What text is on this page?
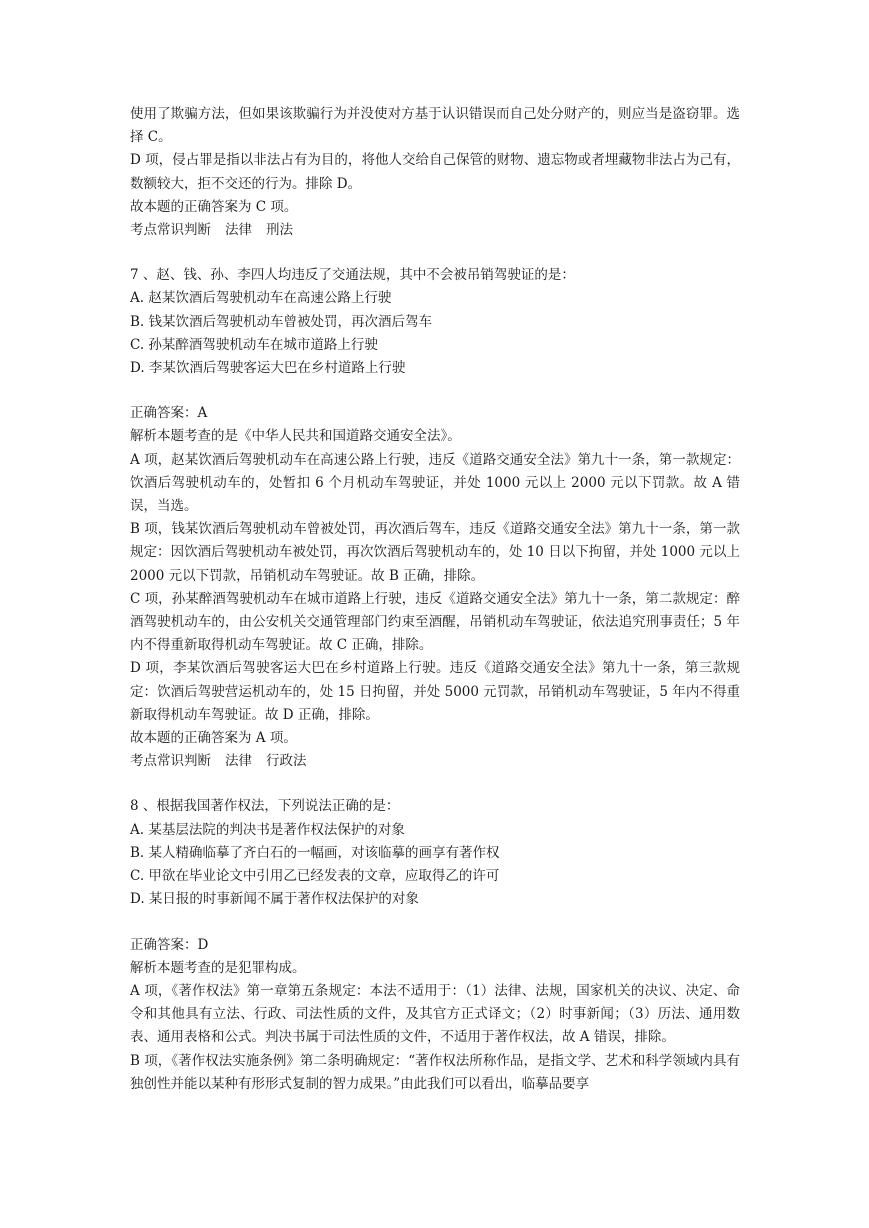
使用了欺骗方法，但如果该欺骗行为并没使对方基于认识错误而自己处分财产的，则应当是盗窃罪。选择 C。

D 项，侵占罪是指以非法占有为目的，将他人交给自己保管的财物、遗忘物或者埋藏物非法占为己有，数额较大，拒不交还的行为。排除 D。

故本题的正确答案为 C 项。

考点常识判断 法律 刑法

7 、赵、钱、孙、李四人均违反了交通法规，其中不会被吊销驾驶证的是：

A. 赵某饮酒后驾驶机动车在高速公路上行驶

B. 钱某饮酒后驾驶机动车曾被处罚，再次酒后驾车

C. 孙某醉酒驾驶机动车在城市道路上行驶

D. 李某饮酒后驾驶客运大巴在乡村道路上行驶

正确答案：A

解析本题考查的是《中华人民共和国道路交通安全法》。

A 项，赵某饮酒后驾驶机动车在高速公路上行驶，违反《道路交通安全法》第九十一条，第一款规定：饮酒后驾驶机动车的，处暂扣 6 个月机动车驾驶证，并处 1000 元以上 2000 元以下罚款。故 A 错误，当选。

B 项，钱某饮酒后驾驶机动车曾被处罚，再次酒后驾车，违反《道路交通安全法》第九十一条，第一款规定：因饮酒后驾驶机动车被处罚，再次饮酒后驾驶机动车的，处 10 日以下拘留，并处 1000 元以上 2000 元以下罚款，吊销机动车驾驶证。故 B 正确，排除。

C 项，孙某醉酒驾驶机动车在城市道路上行驶，违反《道路交通安全法》第九十一条，第二款规定：醉酒驾驶机动车的，由公安机关交通管理部门约束至酒醒，吊销机动车驾驶证，依法追究刑事责任；5 年内不得重新取得机动车驾驶证。故 C 正确，排除。

D 项，李某饮酒后驾驶客运大巴在乡村道路上行驶。违反《道路交通安全法》第九十一条，第三款规定：饮酒后驾驶营运机动车的，处 15 日拘留，并处 5000 元罚款，吊销机动车驾驶证，5 年内不得重新取得机动车驾驶证。故 D 正确，排除。

故本题的正确答案为 A 项。

考点常识判断 法律 行政法

8 、根据我国著作权法，下列说法正确的是：

A. 某基层法院的判决书是著作权法保护的对象

B. 某人精确临摹了齐白石的一幅画，对该临摹的画享有著作权

C. 甲欲在毕业论文中引用乙已经发表的文章，应取得乙的许可

D. 某日报的时事新闻不属于著作权法保护的对象

正确答案：D

解析本题考查的是犯罪构成。

A 项，《著作权法》第一章第五条规定：本法不适用于：（1）法律、法规，国家机关的决议、决定、命令和其他具有立法、行政、司法性质的文件，及其官方正式译文；（2）时事新闻；（3）历法、通用数表、通用表格和公式。判决书属于司法性质的文件，不适用于著作权法，故 A 错误，排除。

B 项，《著作权法实施条例》第二条明确规定：“著作权法所称作品，是指文学、艺术和科学领域内具有独创性并能以某种有形形式复制的智力成果。”由此我们可以看出，临摹品要享
